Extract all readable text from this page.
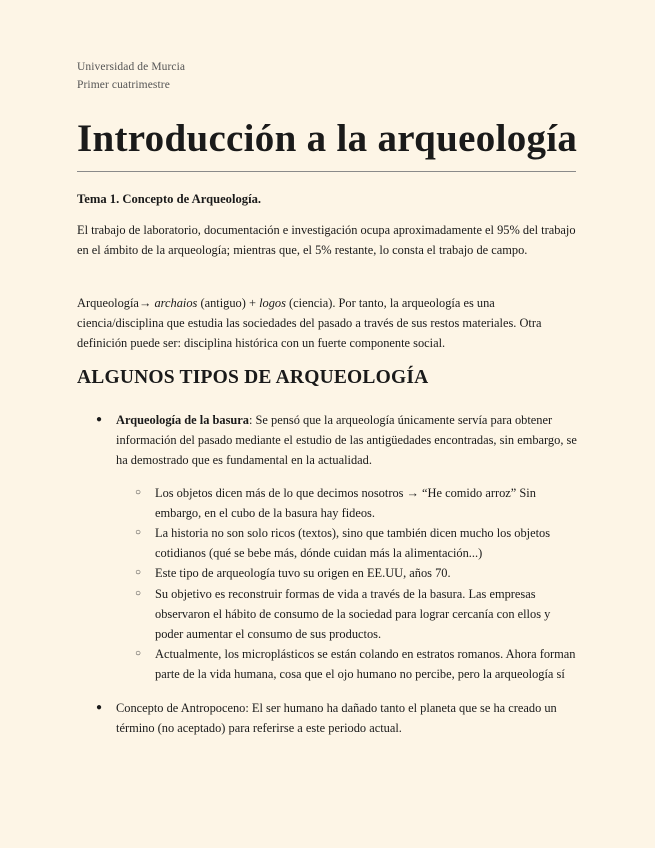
Universidad de Murcia
Primer cuatrimestre
Introducción a la arqueología
Tema 1. Concepto de Arqueología.

El trabajo de laboratorio, documentación e investigación ocupa aproximadamente el 95% del trabajo en el ámbito de la arqueología; mientras que, el 5% restante, lo consta el trabajo de campo.

Arqueología→ archaios (antiguo) + logos (ciencia). Por tanto, la arqueología es una ciencia/disciplina que estudia las sociedades del pasado a través de sus restos materiales. Otra definición puede ser: disciplina histórica con un fuerte componente social.

ALGUNOS TIPOS DE ARQUEOLOGÍA
● Arqueología de la basura: Se pensó que la arqueología únicamente servía para obtener información del pasado mediante el estudio de las antigüedades encontradas, sin embargo, se ha demostrado que es fundamental en la actualidad.
○ Los objetos dicen más de lo que decimos nosotros → “He comido arroz” Sin embargo, en el cubo de la basura hay fideos.
○ La historia no son solo ricos (textos), sino que también dicen mucho los objetos cotidianos (qué se bebe más, dónde cuidan más la alimentación...)
○ Este tipo de arqueología tuvo su origen en EE.UU, años 70.
○ Su objetivo es reconstruir formas de vida a través de la basura. Las empresas observaron el hábito de consumo de la sociedad para lograr cercanía con ellos y poder aumentar el consumo de sus productos.
○ Actualmente, los microplásticos se están colando en estratos romanos. Ahora forman parte de la vida humana, cosa que el ojo humano no percibe, pero la arqueología sí
● Concepto de Antropoceno: El ser humano ha dañado tanto el planeta que se ha creado un término (no aceptado) para referirse a este periodo actual.
